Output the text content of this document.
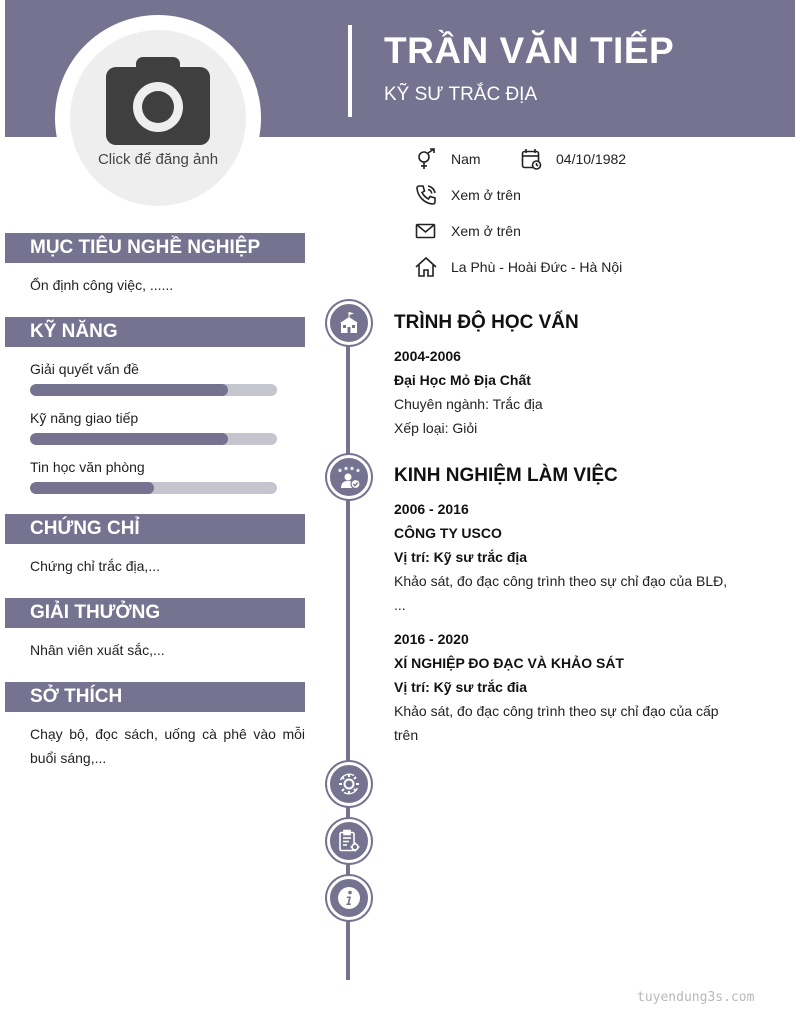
TRẦN VĂN TIẾP
KỸ SƯ TRẮC ĐỊA
Click để đăng ảnh	Nam	04/10/1982
Xem ở trên
Xem ở trên
La Phù - Hoài Đức - Hà Nội
MỤC TIÊU NGHỀ NGHIỆP
Ổn định công việc, ......
KỸ NĂNG
Giải quyết vấn đề
Kỹ năng giao tiếp
Tin học văn phòng
CHỨNG CHỈ
Chứng chỉ trắc địa,...
GIẢI THƯỞNG
Nhân viên xuất sắc,...
SỞ THÍCH
Chạy bộ, đọc sách, uống cà phê vào mỗi buổi sáng,...
TRÌNH ĐỘ HỌC VẤN
2004-2006
Đại Học Mỏ Địa Chất
Chuyên ngành: Trắc địa
Xếp loại: Giỏi
KINH NGHIỆM LÀM VIỆC
2006 - 2016
CÔNG TY USCO
Vị trí: Kỹ sư trắc địa
Khảo sát, đo đạc công trình theo sự chỉ đạo của BLĐ, ...
2016 - 2020
XÍ NGHIỆP ĐO ĐẠC VÀ KHẢO SÁT
Vị trí: Kỹ sư trắc đia
Khảo sát, đo đạc công trình theo sự chỉ đạo của cấp trên
tuyendung3s.com
